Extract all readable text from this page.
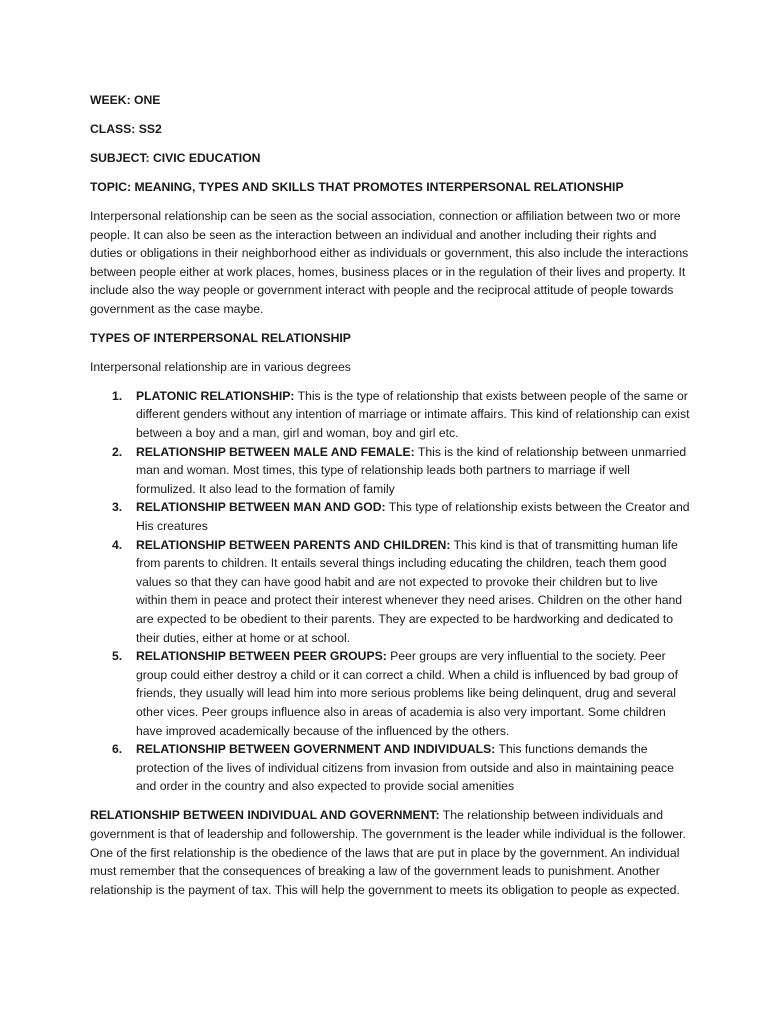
WEEK: ONE

CLASS: SS2

SUBJECT: CIVIC EDUCATION

TOPIC: MEANING, TYPES AND SKILLS THAT PROMOTES INTERPERSONAL RELATIONSHIP

Interpersonal relationship can be seen as the social association, connection or affiliation between two or more people. It can also be seen as the interaction between an individual and another including their rights and duties or obligations in their neighborhood either as individuals or government, this also include the interactions between people either at work places, homes, business places or in the regulation of their lives and property. It include also the way people or government interact with people and the reciprocal attitude of people towards government as the case maybe.

TYPES OF INTERPERSONAL RELATIONSHIP

Interpersonal relationship are in various degrees

1. PLATONIC RELATIONSHIP: This is the type of relationship that exists between people of the same or different genders without any intention of marriage or intimate affairs. This kind of relationship can exist between a boy and a man, girl and woman, boy and girl etc.
2. RELATIONSHIP BETWEEN MALE AND FEMALE: This is the kind of relationship between unmarried man and woman. Most times, this type of relationship leads both partners to marriage if well formulized. It also lead to the formation of family
3. RELATIONSHIP BETWEEN MAN AND GOD: This type of relationship exists between the Creator and His creatures
4. RELATIONSHIP BETWEEN PARENTS AND CHILDREN: This kind is that of transmitting human life from parents to children. It entails several things including educating the children, teach them good values so that they can have good habit and are not expected to provoke their children but to live within them in peace and protect their interest whenever they need arises. Children on the other hand are expected to be obedient to their parents. They are expected to be hardworking and dedicated to their duties, either at home or at school.
5. RELATIONSHIP BETWEEN PEER GROUPS: Peer groups are very influential to the society. Peer group could either destroy a child or it can correct a child. When a child is influenced by bad group of friends, they usually will lead him into more serious problems like being delinquent, drug and several other vices. Peer groups influence also in areas of academia is also very important. Some children have improved academically because of the influenced by the others.
6. RELATIONSHIP BETWEEN GOVERNMENT AND INDIVIDUALS: This functions demands the protection of the lives of individual citizens from invasion from outside and also in maintaining peace and order in the country and also expected to provide social amenities

RELATIONSHIP BETWEEN INDIVIDUAL AND GOVERNMENT: The relationship between individuals and government is that of leadership and followership. The government is the leader while individual is the follower. One of the first relationship is the obedience of the laws that are put in place by the government. An individual must remember that the consequences of breaking a law of the government leads to punishment. Another relationship is the payment of tax. This will help the government to meets its obligation to people as expected.
